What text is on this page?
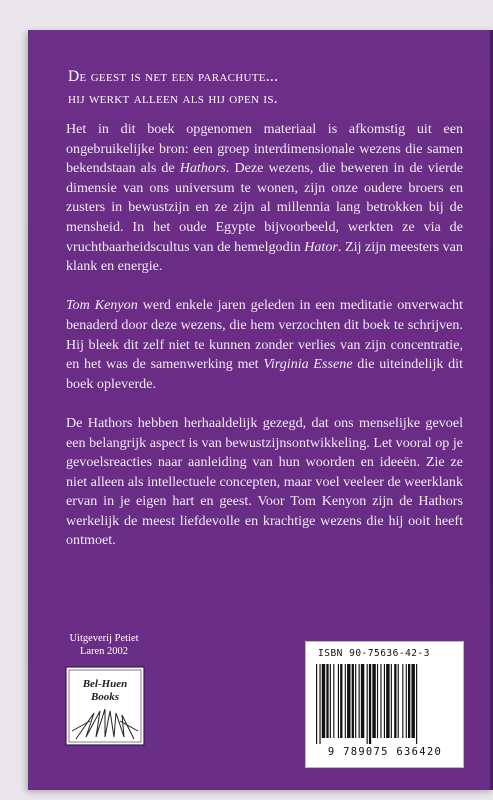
De geest is net een parachute...
hij werkt alleen als hij open is.

Het in dit boek opgenomen materiaal is afkomstig uit een ongebruikelijke bron: een groep interdimensionale wezens die samen bekendstaan als de Hathors. Deze wezens, die beweren in de vierde dimensie van ons universum te wonen, zijn onze oudere broers en zusters in bewustzijn en ze zijn al millennia lang betrokken bij de mensheid. In het oude Egypte bijvoorbeeld, werkten ze via de vruchtbaarheidscultus van de hemelgodin Hator. Zij zijn meesters van klank en energie.

Tom Kenyon werd enkele jaren geleden in een meditatie onverwacht benaderd door deze wezens, die hem verzochten dit boek te schrijven. Hij bleek dit zelf niet te kunnen zonder verlies van zijn concentratie, en het was de samenwerking met Virginia Essene die uiteindelijk dit boek opleverde.

De Hathors hebben herhaaldelijk gezegd, dat ons menselijke gevoel een belangrijk aspect is van bewustzijnsontwikkeling. Let vooral op je gevoelsreacties naar aanleiding van hun woorden en ideeën. Zie ze niet alleen als intellectuele concepten, maar voel veeleer de weerklank ervan in je eigen hart en geest. Voor Tom Kenyon zijn de Hathors werkelijk de meest liefdevolle en krachtige wezens die hij ooit heeft ontmoet.

Uitgeverij Petiet
Laren 2002
Bel-Huen
Books
ISBN 90-75636-42-3
9 789075 636420
